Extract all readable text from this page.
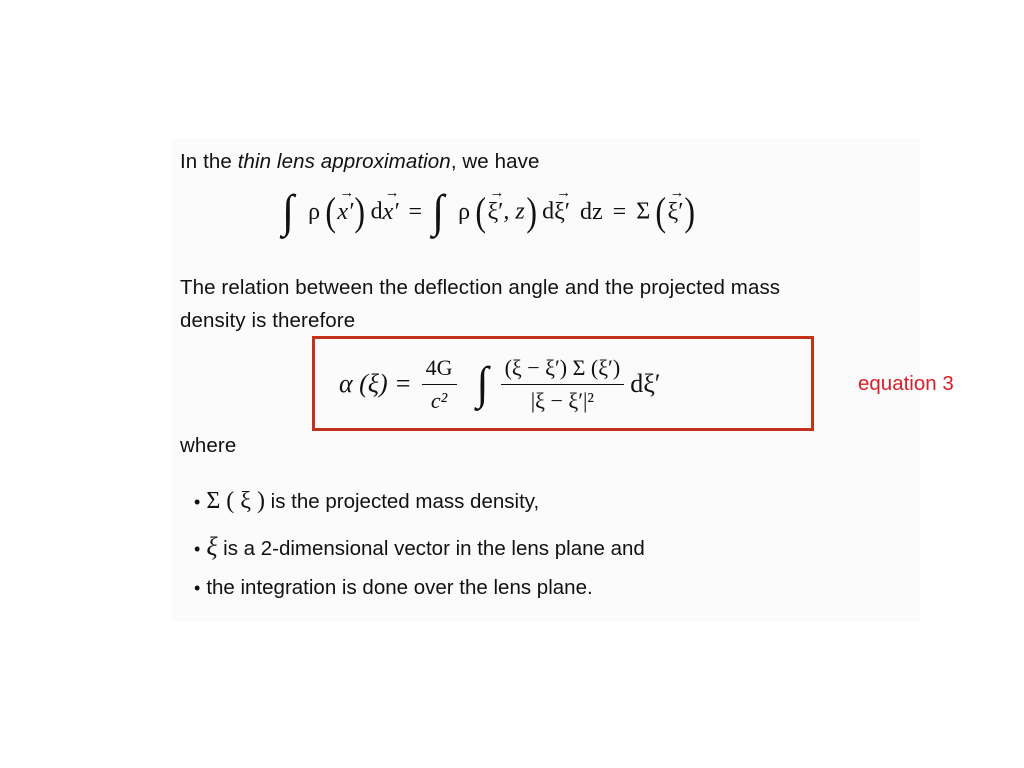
In the thin lens approximation, we have
∫ ρ (→ x′) d→ x′ = ∫ ρ (→ ξ′, z) d→ ξ′ dz = Σ (→ ξ′)
The relation between the deflection angle and the projected mass
density is therefore
α $(\xi) = \frac{4G}{\text{c²}}$ ∫ $\frac{(\xi - \xi') \Sigma (\xi')}{\text{|ξ − ξ′|²}} d\xi'$	equation 3
where
• Σ ( ξ ) is the projected mass density,
• ξ is a 2-dimensional vector in the lens plane and
• the integration is done over the lens plane.
